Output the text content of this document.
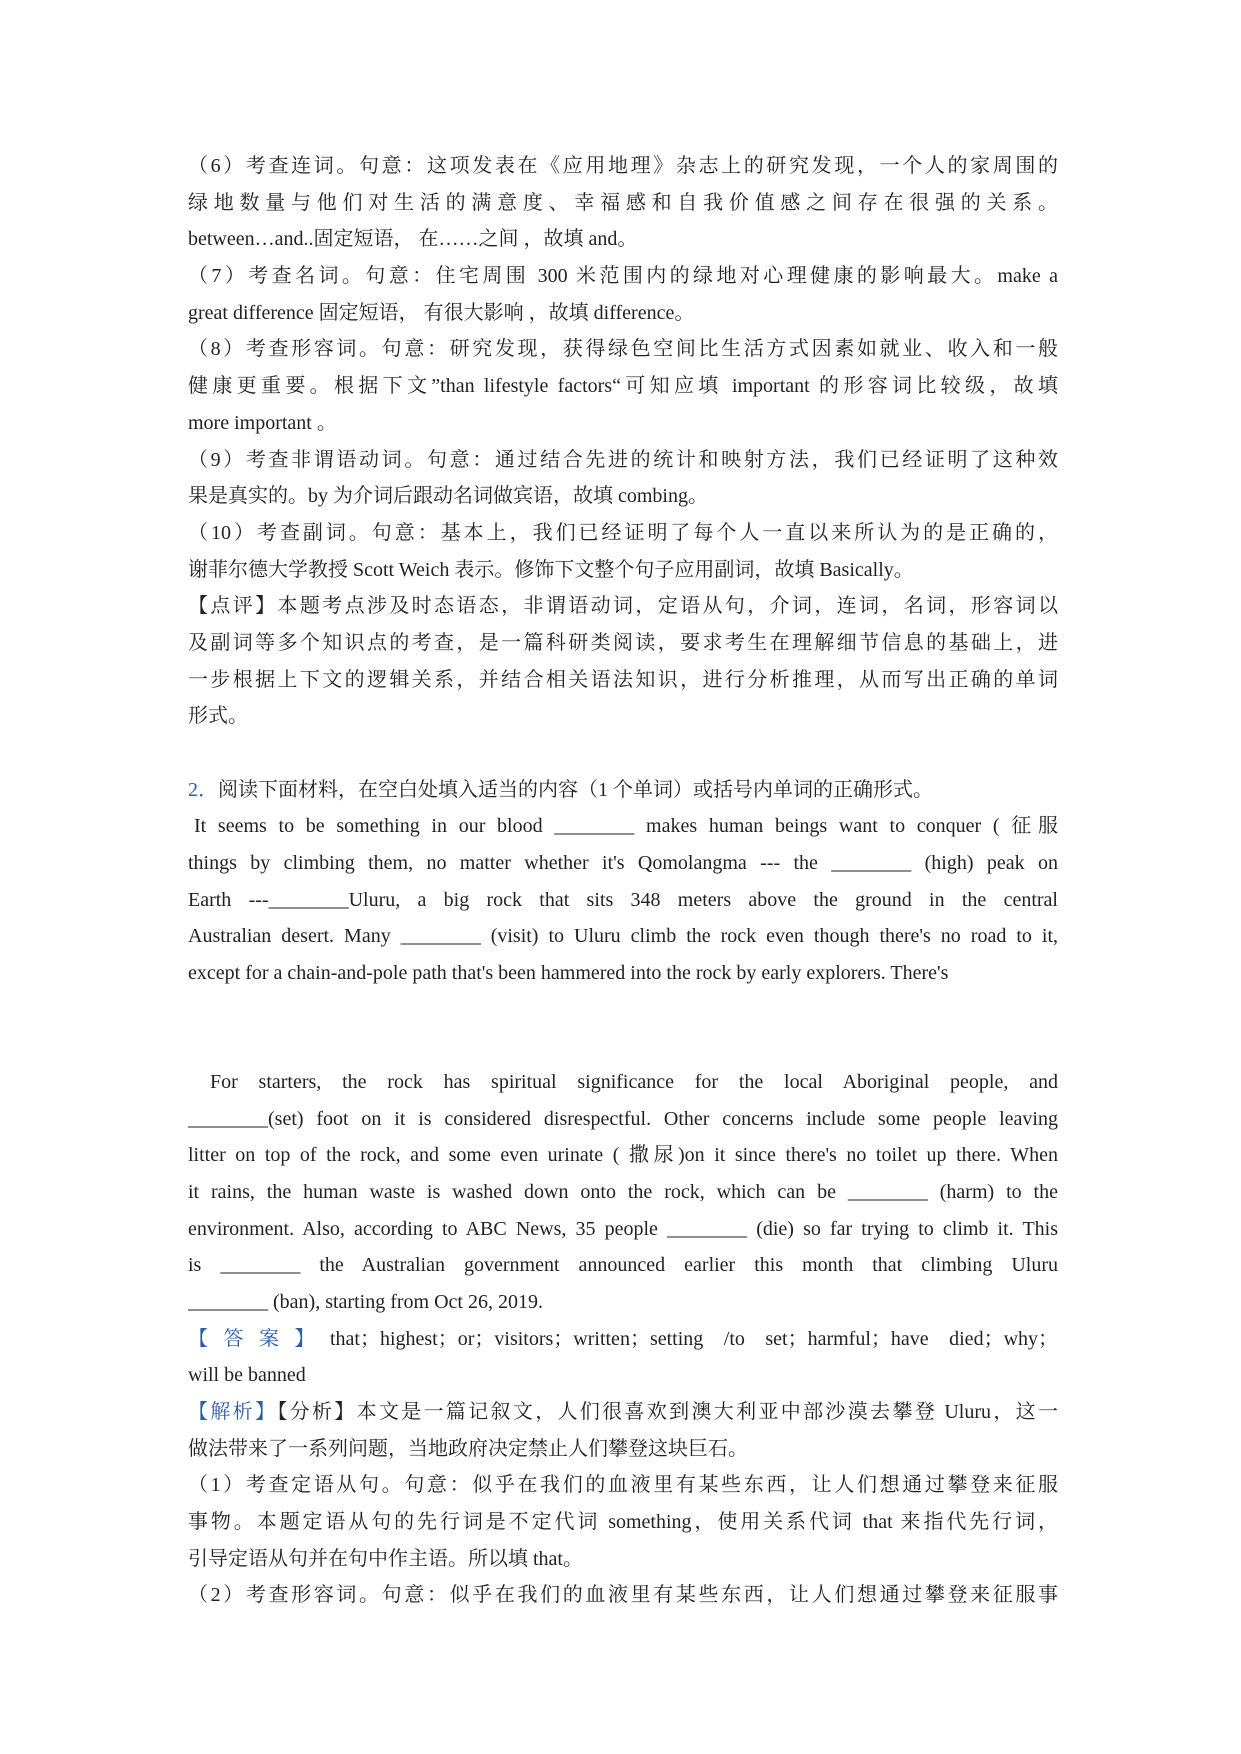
（6）考查连词。句意：这项发表在《应用地理》杂志上的研究发现，一个人的家周围的
绿地数量与他们对生活的满意度、幸福感和自我价值感之间存在很强的关系。
between…and..固定短语， 在……之间 ，故填 and。
（7）考查名词。句意：住宅周围 300 米范围内的绿地对心理健康的影响最大。make a
great difference 固定短语， 有很大影响 ，故填 difference。
（8）考查形容词。句意：研究发现，获得绿色空间比生活方式因素如就业、收入和一般
健康更重要。根据下文”than lifestyle factors“可知应填 important 的形容词比较级，故填
more important 。
（9）考查非谓语动词。句意：通过结合先进的统计和映射方法，我们已经证明了这种效
果是真实的。by 为介词后跟动名词做宾语，故填 combing。
（10）考查副词。句意：基本上，我们已经证明了每个人一直以来所认为的是正确的，
谢菲尔德大学教授 Scott Weich 表示。修饰下文整个句子应用副词，故填 Basically。
【点评】本题考点涉及时态语态，非谓语动词，定语从句，介词，连词，名词，形容词以
及副词等多个知识点的考查，是一篇科研类阅读，要求考生在理解细节信息的基础上，进
一步根据上下文的逻辑关系，并结合相关语法知识，进行分析推理，从而写出正确的单词
形式。
2．阅读下面材料，在空白处填入适当的内容（1 个单词）或括号内单词的正确形式。
It seems to be something in our blood ________ makes human beings want to conquer ( 征服
things by climbing them, no matter whether it's Qomolangma --- the ________ (high) peak on
Earth ---________Uluru, a big rock that sits 348 meters above the ground in the central
Australian desert. Many ________ (visit) to Uluru climb the rock even though there's no road to it,
except for a chain-and-pole path that's been hammered into the rock by early explorers. There's
For starters, the rock has spiritual significance for the local Aboriginal people, and
________(set) foot on it is considered disrespectful. Other concerns include some people leaving
litter on top of the rock, and some even urinate ( 撒尿)on it since there's no toilet up there. When
it rains, the human waste is washed down onto the rock, which can be ________ (harm) to the
environment. Also, according to ABC News, 35 people ________ (die) so far trying to climb it. This
is ________ the Australian government announced earlier this month that climbing Uluru
________ (ban), starting from Oct 26, 2019.
【答案】that；highest；or；visitors；written；setting /to set；harmful；have died；why；
will be banned
【解析】【分析】本文是一篇记叙文，人们很喜欢到澳大利亚中部沙漠去攀登 Uluru，这一
做法带来了一系列问题，当地政府决定禁止人们攀登这块巨石。
（1）考查定语从句。句意：似乎在我们的血液里有某些东西，让人们想通过攀登来征服
事物。本题定语从句的先行词是不定代词 something，使用关系代词 that 来指代先行词，
引导定语从句并在句中作主语。所以填 that。
（2）考查形容词。句意：似乎在我们的血液里有某些东西，让人们想通过攀登来征服事
